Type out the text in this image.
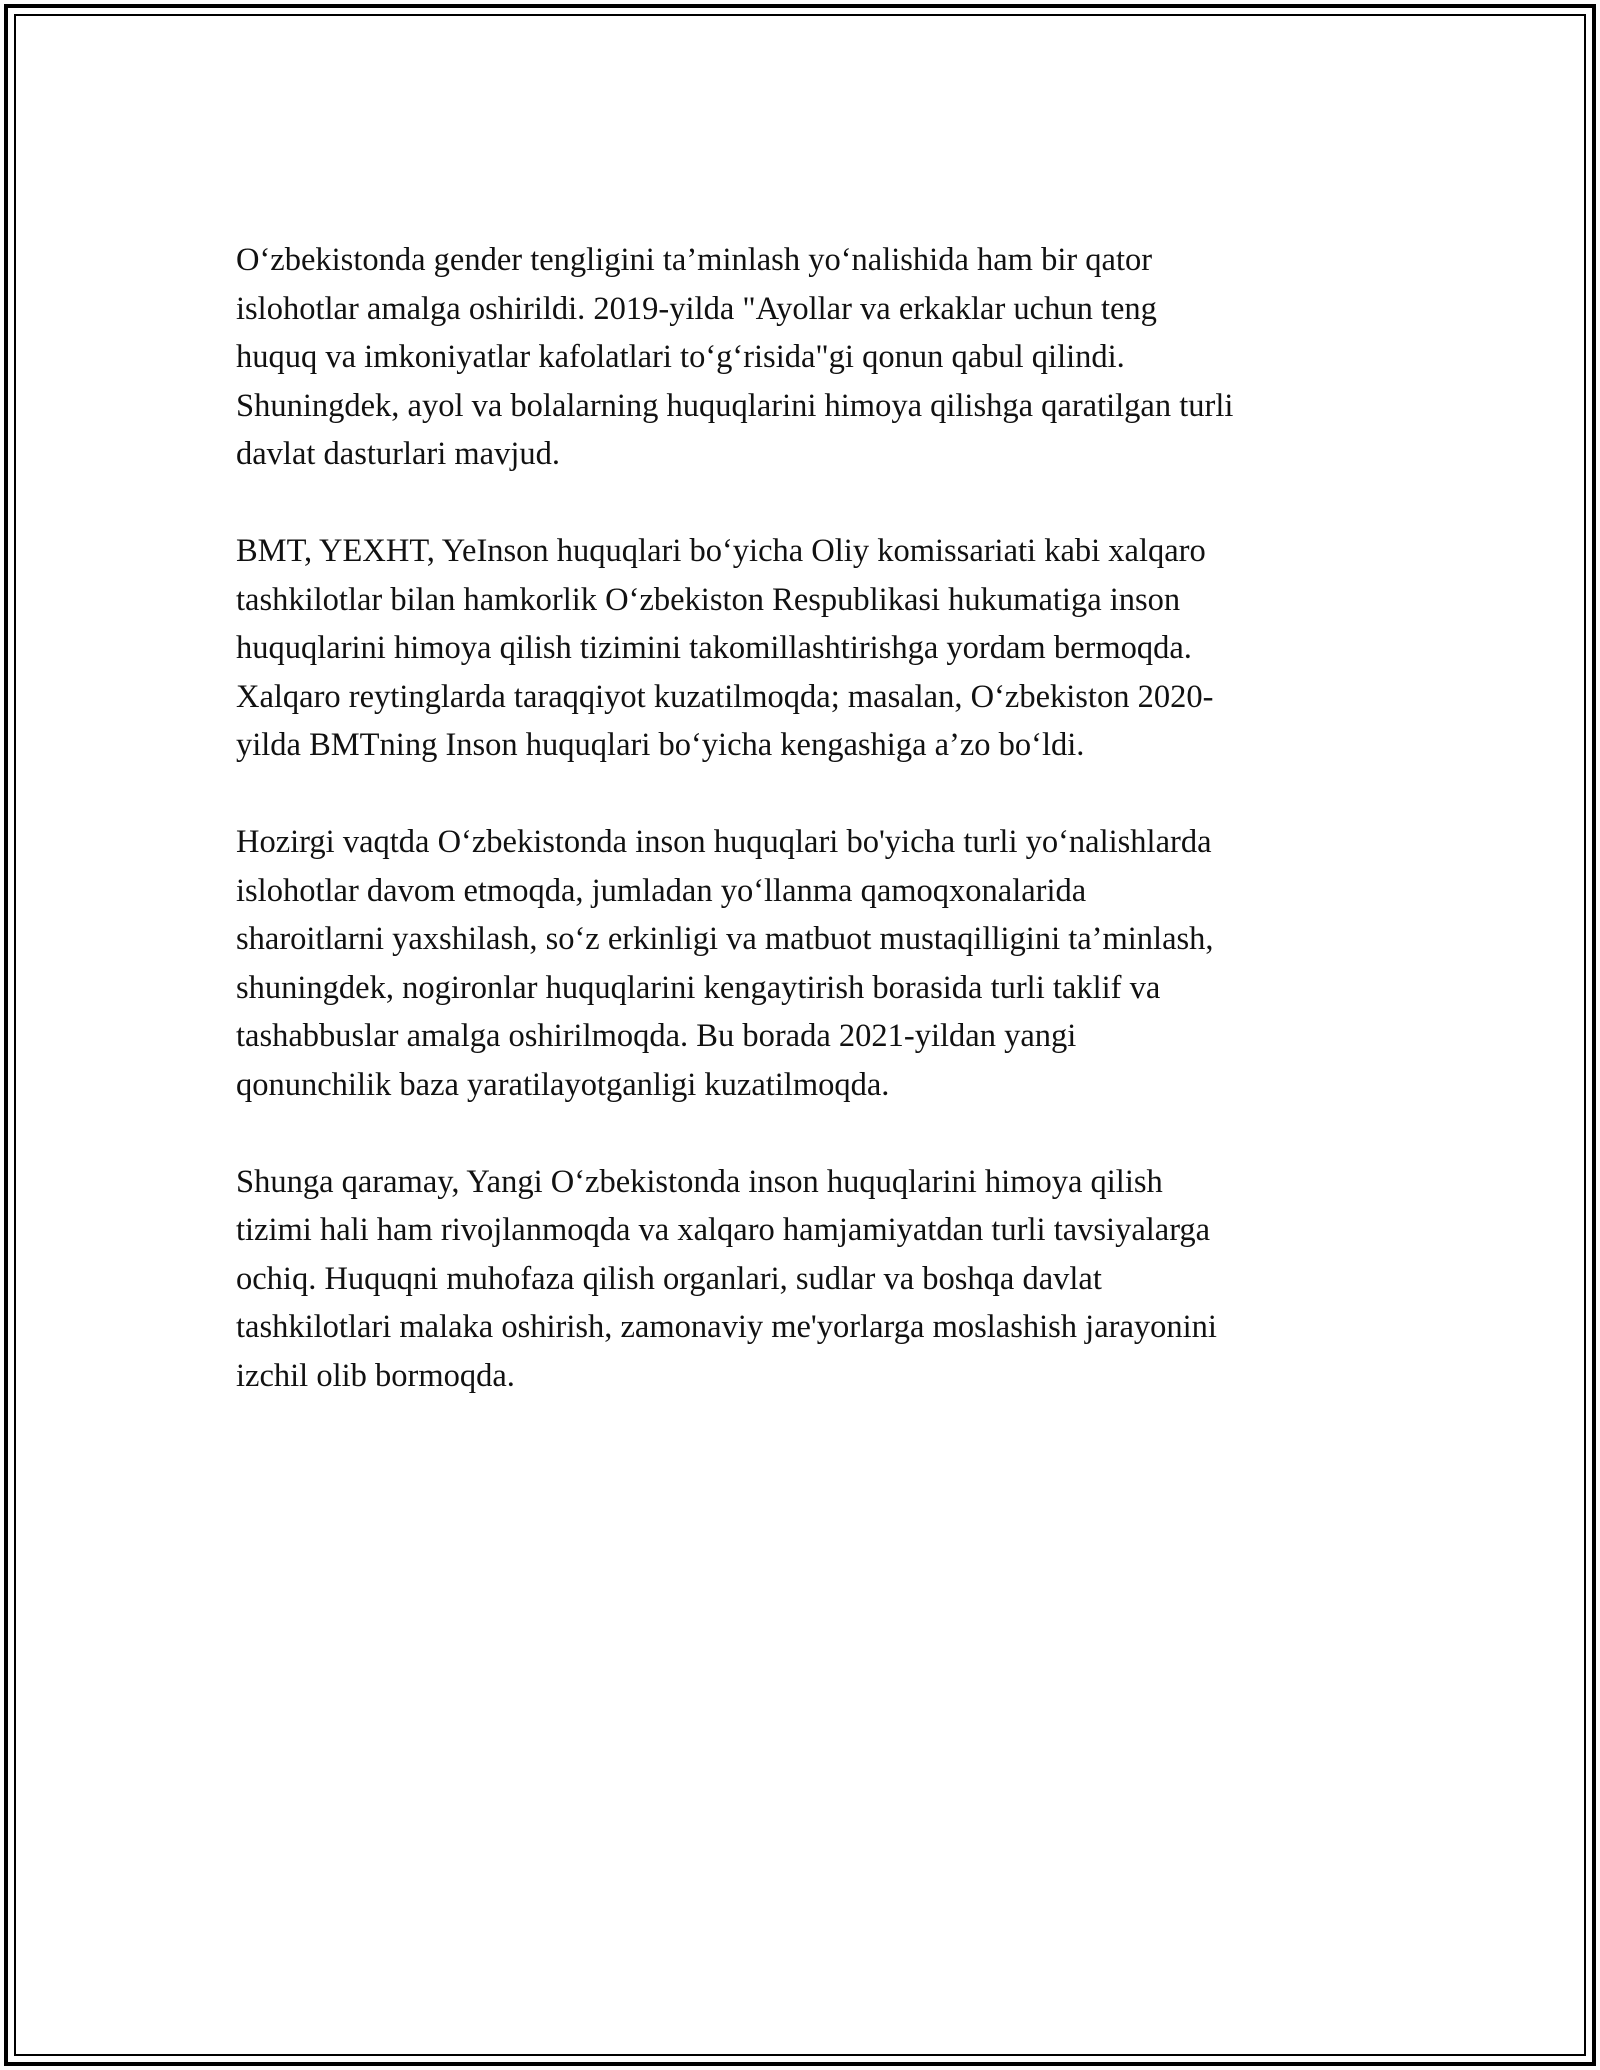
O‘zbekistonda gender tengligini ta’minlash yo‘nalishida ham bir qator
islohotlar amalga oshirildi. 2019-yilda "Ayollar va erkaklar uchun teng
huquq va imkoniyatlar kafolatlari to‘g‘risida"gi qonun qabul qilindi.
Shuningdek, ayol va bolalarning huquqlarini himoya qilishga qaratilgan turli
davlat dasturlari mavjud.

BMT, YEXHT, YeInson huquqlari bo‘yicha Oliy komissariati kabi xalqaro
tashkilotlar bilan hamkorlik O‘zbekiston Respublikasi hukumatiga inson
huquqlarini himoya qilish tizimini takomillashtirishga yordam bermoqda.
Xalqaro reytinglarda taraqqiyot kuzatilmoqda; masalan, O‘zbekiston 2020-
yilda BMTning Inson huquqlari bo‘yicha kengashiga a’zo bo‘ldi.

Hozirgi vaqtda O‘zbekistonda inson huquqlari bo'yicha turli yo‘nalishlarda
islohotlar davom etmoqda, jumladan yo‘llanma qamoqxonalarida
sharoitlarni yaxshilash, so‘z erkinligi va matbuot mustaqilligini ta’minlash,
shuningdek, nogironlar huquqlarini kengaytirish borasida turli taklif va
tashabbuslar amalga oshirilmoqda. Bu borada 2021-yildan yangi
qonunchilik baza yaratilayotganligi kuzatilmoqda.

Shunga qaramay, Yangi O‘zbekistonda inson huquqlarini himoya qilish
tizimi hali ham rivojlanmoqda va xalqaro hamjamiyatdan turli tavsiyalarga
ochiq. Huquqni muhofaza qilish organlari, sudlar va boshqa davlat
tashkilotlari malaka oshirish, zamonaviy me'yorlarga moslashish jarayonini
izchil olib bormoqda.
